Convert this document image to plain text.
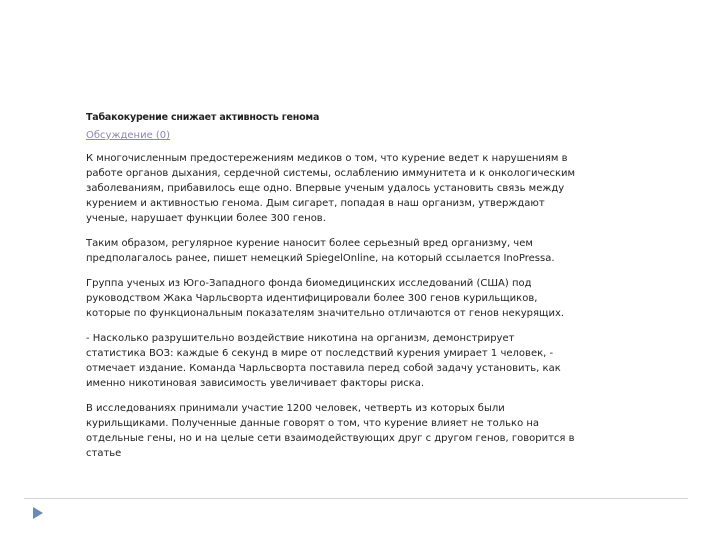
Табакокурение снижает активность генома
Обсуждение (0)

К многочисленным предостережениям медиков о том, что курение ведет к нарушениям в работе органов дыхания, сердечной системы, ослаблению иммунитета и к онкологическим заболеваниям, прибавилось еще одно. Впервые ученым удалось установить связь между курением и активностью генома. Дым сигарет, попадая в наш организм, утверждают ученые, нарушает функции более 300 генов.

Таким образом, регулярное курение наносит более серьезный вред организму, чем предполагалось ранее, пишет немецкий SpiegelOnline, на который ссылается InoPressa.

Группа ученых из Юго-Западного фонда биомедицинских исследований (США) под руководством Жака Чарльсворта идентифицировали более 300 генов курильщиков, которые по функциональным показателям значительно отличаются от генов некурящих.

- Насколько разрушительно воздействие никотина на организм, демонстрирует статистика ВОЗ: каждые 6 секунд в мире от последствий курения умирает 1 человек, - отмечает издание. Команда Чарльсворта поставила перед собой задачу установить, как именно никотиновая зависимость увеличивает факторы риска.

В исследованиях принимали участие 1200 человек, четверть из которых были курильщиками. Полученные данные говорят о том, что курение влияет не только на отдельные гены, но и на целые сети взаимодействующих друг с другом генов, говорится в статье
